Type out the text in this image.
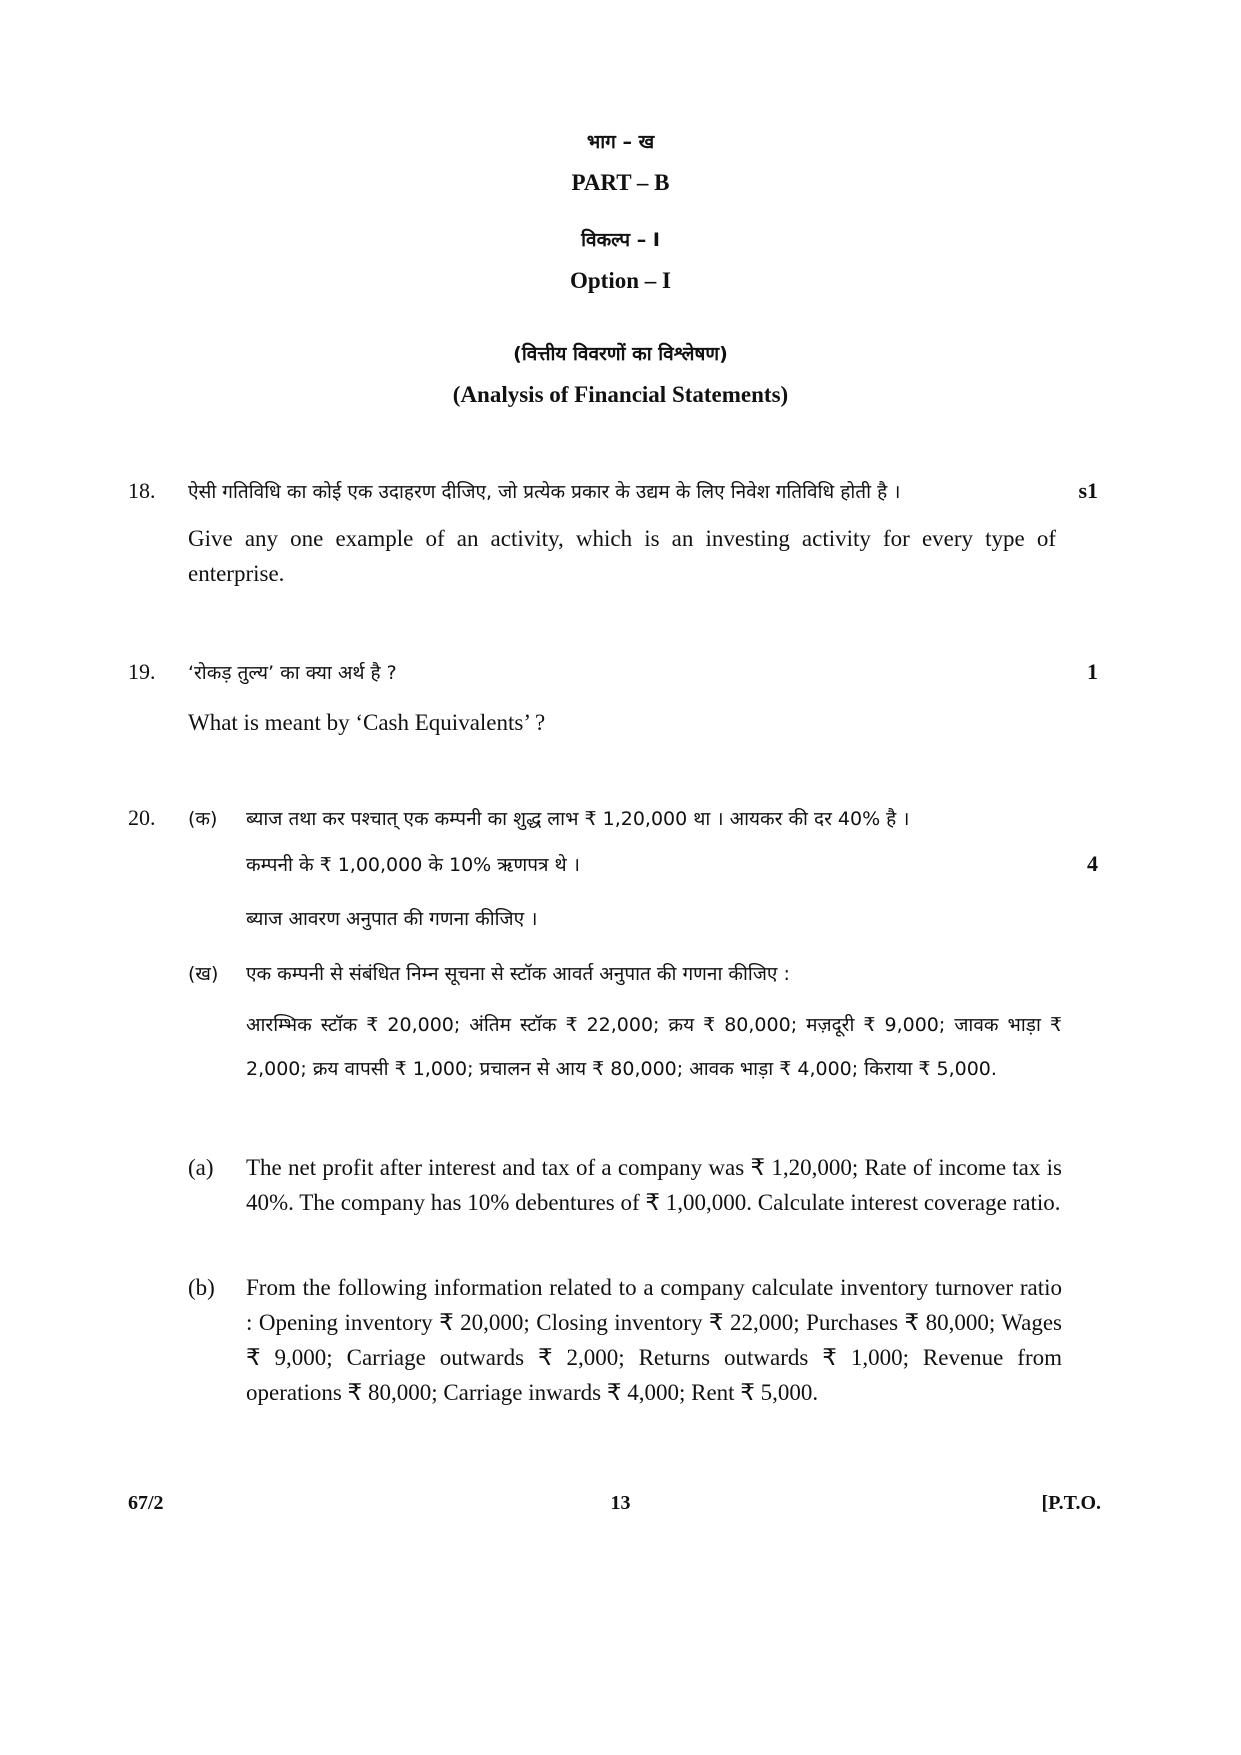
भाग – ख
PART – B
विकल्प – I
Option – I
(वित्तीय विवरणों का विश्लेषण)
(Analysis of Financial Statements)
18. ऐसी गतिविधि का कोई एक उदाहरण दीजिए, जो प्रत्येक प्रकार के उद्यम के लिए निवेश गतिविधि होती है ।	s1
Give any one example of an activity, which is an investing activity for every type of enterprise.
19. ‘रोकड़ तुल्य’ का क्या अर्थ है ?	1
What is meant by ‘Cash Equivalents’ ?
20. (क) ब्याज तथा कर पश्चात् एक कम्पनी का शुद्ध लाभ ₹ 1,20,000 था । आयकर की दर 40% है ।
कम्पनी के ₹ 1,00,000 के 10% ऋणपत्र थे ।	4
ब्याज आवरण अनुपात की गणना कीजिए ।
(ख) एक कम्पनी से संबंधित निम्न सूचना से स्टॉक आवर्त अनुपात की गणना कीजिए :
आरम्भिक स्टॉक ₹ 20,000; अंतिम स्टॉक ₹ 22,000; क्रय ₹ 80,000; मज़दूरी ₹ 9,000; जावक भाड़ा ₹ 2,000; क्रय वापसी ₹ 1,000; प्रचालन से आय ₹ 80,000; आवक भाड़ा ₹ 4,000; किराया ₹ 5,000.
(a) The net profit after interest and tax of a company was ₹ 1,20,000; Rate of income tax is 40%. The company has 10% debentures of ₹ 1,00,000. Calculate interest coverage ratio.
(b) From the following information related to a company calculate inventory turnover ratio : Opening inventory ₹ 20,000; Closing inventory ₹ 22,000; Purchases ₹ 80,000; Wages ₹ 9,000; Carriage outwards ₹ 2,000; Returns outwards ₹ 1,000; Revenue from operations ₹ 80,000; Carriage inwards ₹ 4,000; Rent ₹ 5,000.
67/2	13	[P.T.O.
